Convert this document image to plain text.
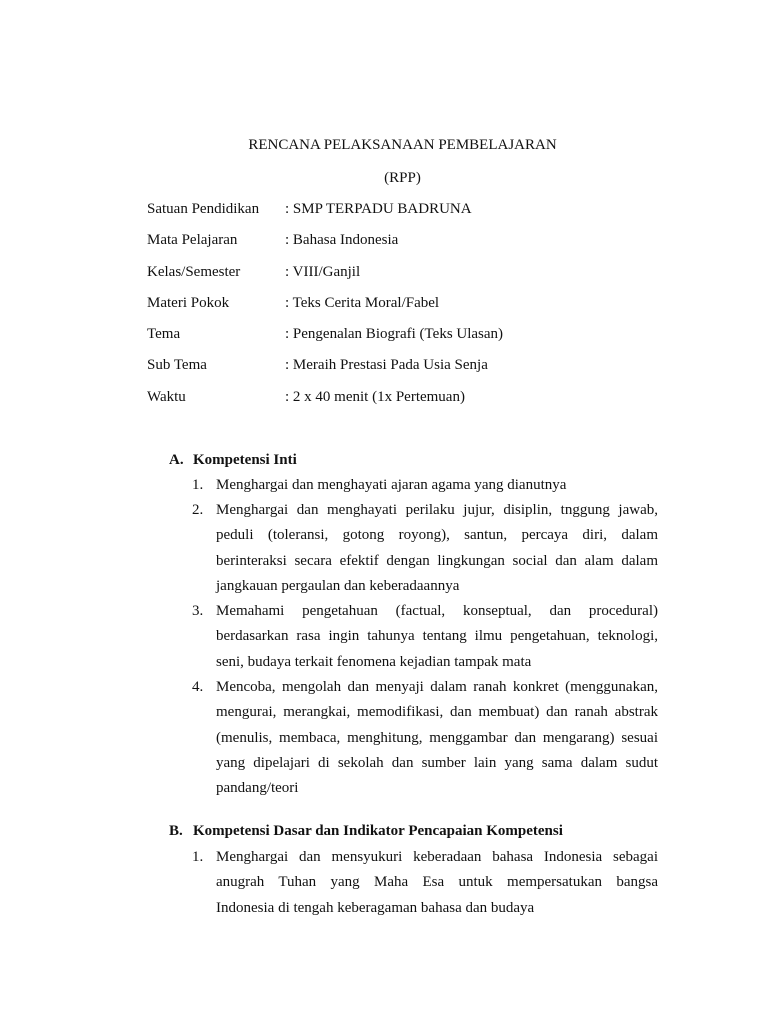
RENCANA PELAKSANAAN PEMBELAJARAN
(RPP)
Satuan Pendidikan : SMP TERPADU BADRUNA
Mata Pelajaran	: Bahasa Indonesia
Kelas/Semester	: VIII/Ganjil
Materi Pokok	: Teks Cerita Moral/Fabel
Tema	: Pengenalan Biografi (Teks Ulasan)
Sub Tema	: Meraih Prestasi Pada Usia Senja
Waktu	: 2 x 40 menit (1x Pertemuan)
A. Kompetensi Inti
1. Menghargai dan menghayati ajaran agama yang dianutnya
2. Menghargai dan menghayati perilaku jujur, disiplin, tnggung jawab,
peduli (toleransi, gotong royong), santun, percaya diri, dalam
berinteraksi secara efektif dengan lingkungan social dan alam dalam
jangkauan pergaulan dan keberadaannya
3. Memahami pengetahuan (factual, konseptual, dan procedural)
berdasarkan rasa ingin tahunya tentang ilmu pengetahuan, teknologi,
seni, budaya terkait fenomena kejadian tampak mata
4. Mencoba, mengolah dan menyaji dalam ranah konkret (menggunakan,
mengurai, merangkai, memodifikasi, dan membuat) dan ranah abstrak
(menulis, membaca, menghitung, menggambar dan mengarang) sesuai
yang dipelajari di sekolah dan sumber lain yang sama dalam sudut
pandang/teori
B. Kompetensi Dasar dan Indikator Pencapaian Kompetensi
1. Menghargai dan mensyukuri keberadaan bahasa Indonesia sebagai
anugrah Tuhan yang Maha Esa untuk mempersatukan bangsa
Indonesia di tengah keberagaman bahasa dan budaya
